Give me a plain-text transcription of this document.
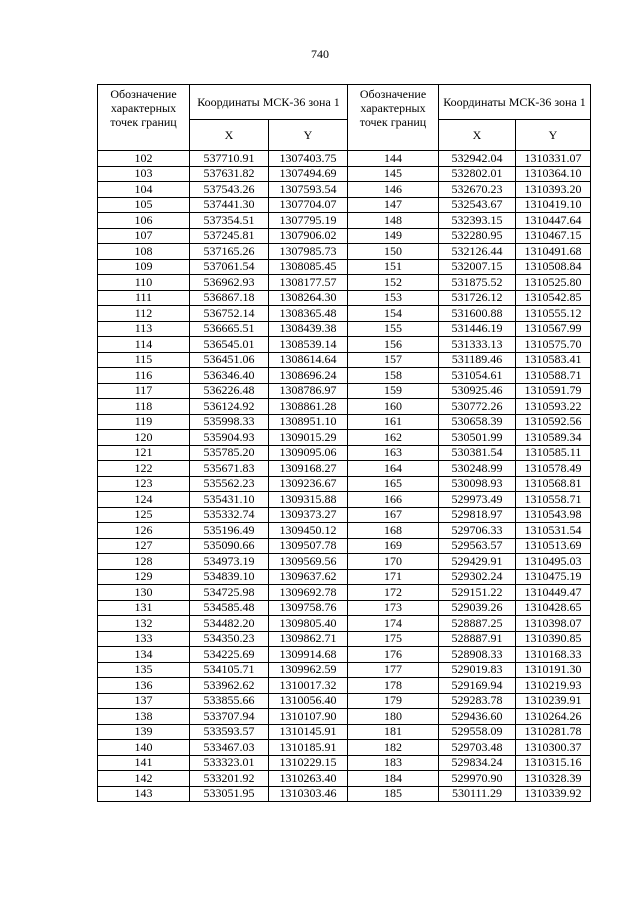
740
Обозначение характерных точек границ	Координаты МСК-36 зона 1	
	X	Y
102	537710.91	1307403.75
103	537631.82	1307494.69
104	537543.26	1307593.54
105	537441.30	1307704.07
106	537354.51	1307795.19
107	537245.81	1307906.02
108	537165.26	1307985.73
109	537061.54	1308085.45
110	536962.93	1308177.57
111	536867.18	1308264.30
112	536752.14	1308365.48
113	536665.51	1308439.38
114	536545.01	1308539.14
115	536451.06	1308614.64
116	536346.40	1308696.24
117	536226.48	1308786.97
118	536124.92	1308861.28
119	535998.33	1308951.10
120	535904.93	1309015.29
121	535785.20	1309095.06
122	535671.83	1309168.27
123	535562.23	1309236.67
124	535431.10	1309315.88
125	535332.74	1309373.27
126	535196.49	1309450.12
127	535090.66	1309507.78
128	534973.19	1309569.56
129	534839.10	1309637.62
130	534725.98	1309692.78
131	534585.48	1309758.76
132	534482.20	1309805.40
133	534350.23	1309862.71
134	534225.69	1309914.68
135	534105.71	1309962.59
136	533962.62	1310017.32
137	533855.66	1310056.40
138	533707.94	1310107.90
139	533593.57	1310145.91
140	533467.03	1310185.91
141	533323.01	1310229.15
142	533201.92	1310263.40
143	533051.95	1310303.46
Обозначение характерных точек границ	Координаты МСК-36 зона 1	
	X	Y
144	532942.04	1310331.07
145	532802.01	1310364.10
146	532670.23	1310393.20
147	532543.67	1310419.10
148	532393.15	1310447.64
149	532280.95	1310467.15
150	532126.44	1310491.68
151	532007.15	1310508.84
152	531875.52	1310525.80
153	531726.12	1310542.85
154	531600.88	1310555.12
155	531446.19	1310567.99
156	531333.13	1310575.70
157	531189.46	1310583.41
158	531054.61	1310588.71
159	530925.46	1310591.79
160	530772.26	1310593.22
161	530658.39	1310592.56
162	530501.99	1310589.34
163	530381.54	1310585.11
164	530248.99	1310578.49
165	530098.93	1310568.81
166	529973.49	1310558.71
167	529818.97	1310543.98
168	529706.33	1310531.54
169	529563.57	1310513.69
170	529429.91	1310495.03
171	529302.24	1310475.19
172	529151.22	1310449.47
173	529039.26	1310428.65
174	528887.25	1310398.07
175	528887.91	1310390.85
176	528908.33	1310168.33
177	529019.83	1310191.30
178	529169.94	1310219.93
179	529283.78	1310239.91
180	529436.60	1310264.26
181	529558.09	1310281.78
182	529703.48	1310300.37
183	529834.24	1310315.16
184	529970.90	1310328.39
185	530111.29	1310339.92
